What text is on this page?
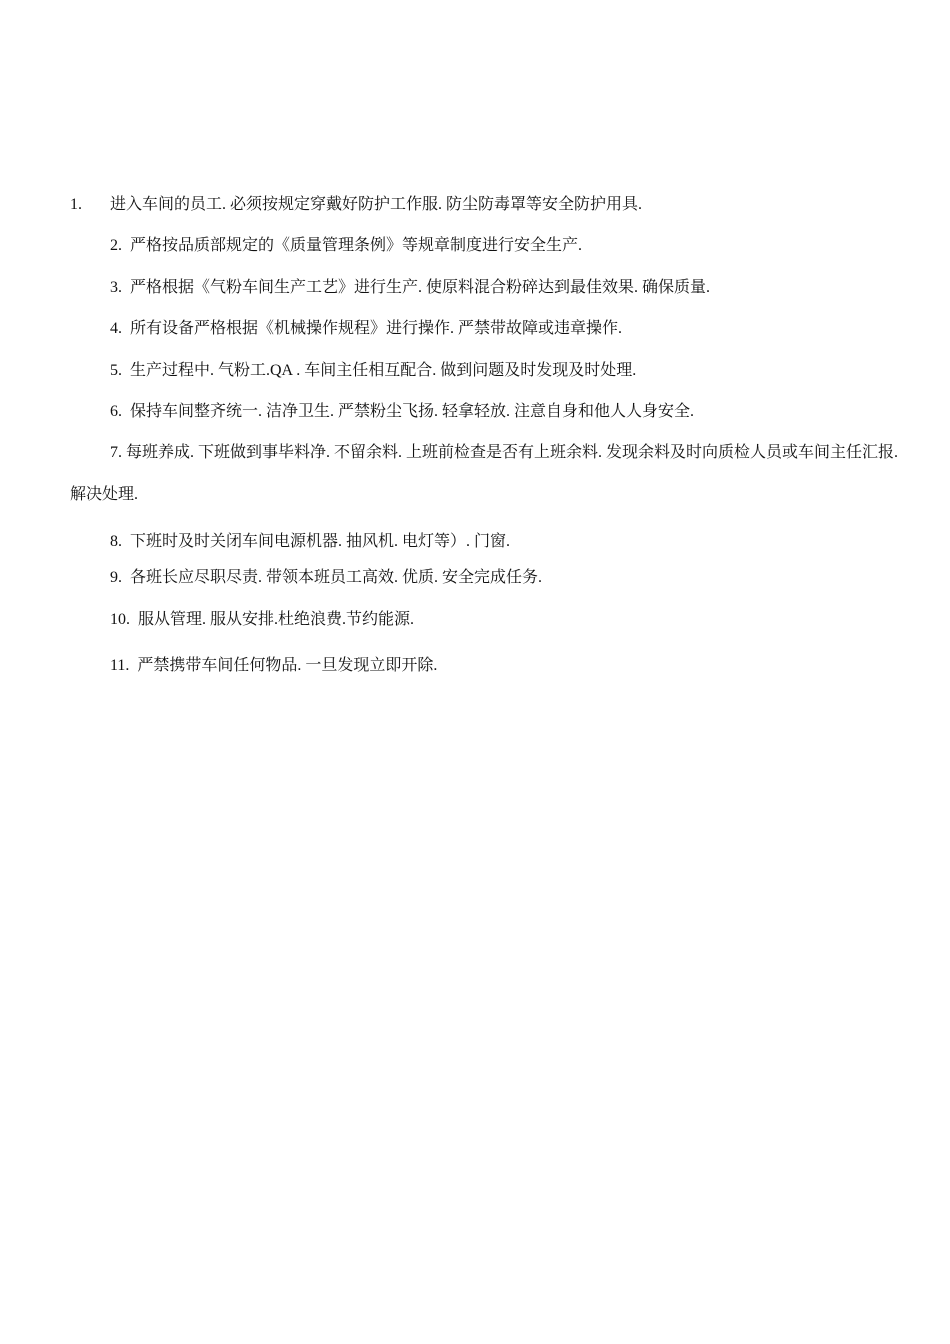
1. 进入车间的员工. 必须按规定穿戴好防护工作服. 防尘防毒罩等安全防护用具.
2.  严格按品质部规定的《质量管理条例》等规章制度进行安全生产.
3.  严格根据《气粉车间生产工艺》进行生产. 使原料混合粉碎达到最佳效果. 确保质量.
4.  所有设备严格根据《机械操作规程》进行操作. 严禁带故障或违章操作.
5.  生产过程中. 气粉工.QA . 车间主任相互配合. 做到问题及时发现及时处理.
6.  保持车间整齐统一. 洁净卫生. 严禁粉尘飞扬. 轻拿轻放. 注意自身和他人人身安全.
7. 每班养成. 下班做到事毕料净. 不留余料. 上班前检查是否有上班余料. 发现余料及时向质检人员或车间主任汇报. 解决处理.
8.  下班时及时关闭车间电源机器. 抽风机. 电灯等）. 门窗.
9.  各班长应尽职尽责. 带领本班员工高效. 优质. 安全完成任务.
10.  服从管理. 服从安排.杜绝浪费.节约能源.
11.  严禁携带车间任何物品. 一旦发现立即开除.
